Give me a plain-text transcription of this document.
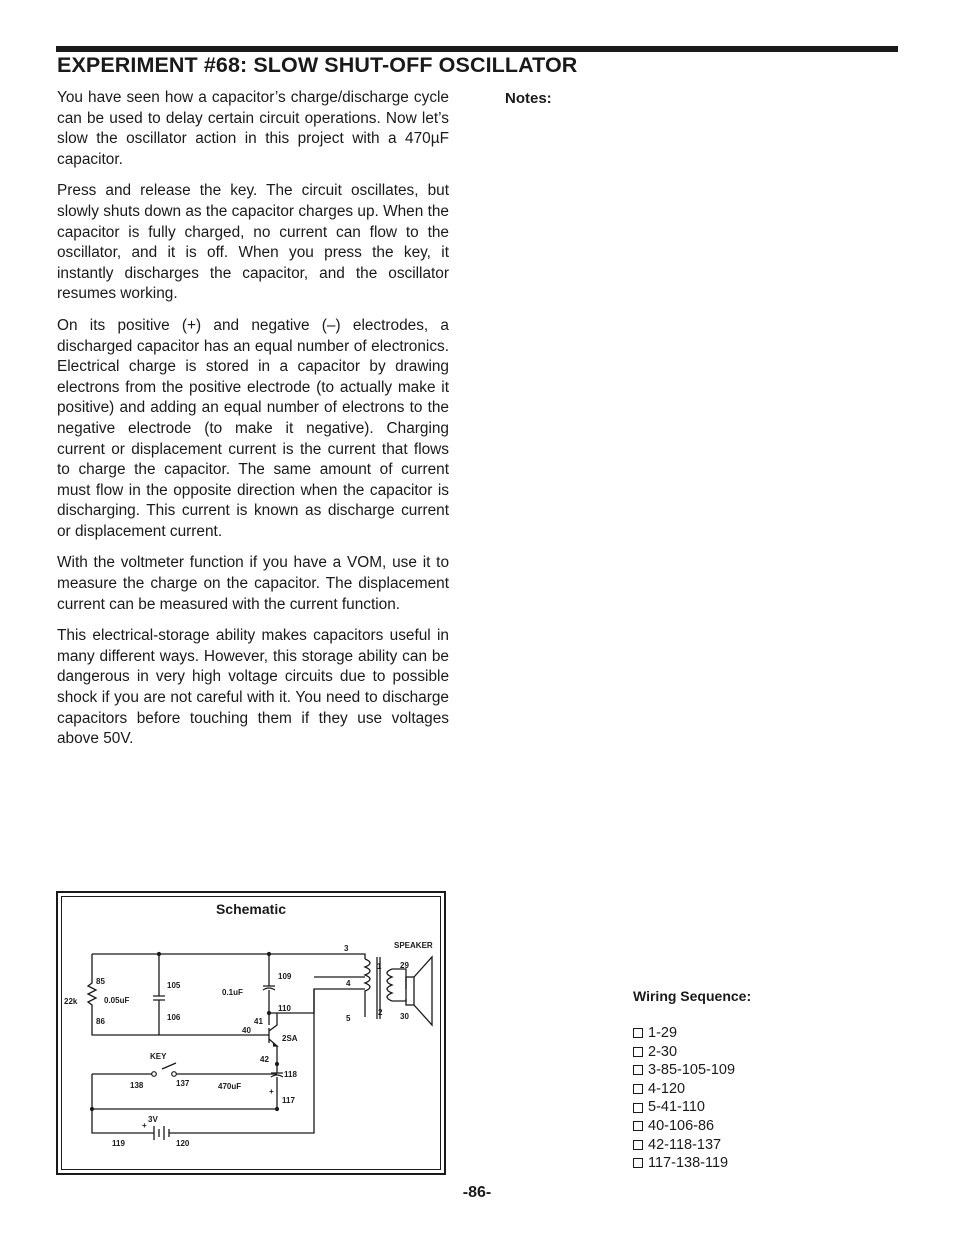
EXPERIMENT #68: SLOW SHUT-OFF OSCILLATOR

You have seen how a capacitor’s charge/discharge cycle can be used to delay certain circuit operations. Now let’s slow the oscillator action in this project with a 470µF capacitor.

Press and release the key. The circuit oscillates, but slowly shuts down as the capacitor charges up. When the capacitor is fully charged, no current can flow to the oscillator, and it is off. When you press the key, it instantly discharges the capacitor, and the oscillator resumes working.

On its positive (+) and negative (–) electrodes, a discharged capacitor has an equal number of electronics. Electrical charge is stored in a capacitor by drawing electrons from the positive electrode (to actually make it positive) and adding an equal number of electrons to the negative electrode (to make it negative). Charging current or displacement current is the current that flows to charge the capacitor. The same amount of current must flow in the opposite direction when the capacitor is discharging. This current is known as discharge current or displacement current.

With the voltmeter function if you have a VOM, use it to measure the charge on the capacitor. The displacement current can be measured with the current function.

This electrical-storage ability makes capacitors useful in many different ways. However, this storage ability can be dangerous in very high voltage circuits due to possible shock if you are not careful with it. You need to discharge capacitors before touching them if they use voltages above 50V.

Notes:
Schematic
85
22k
86
0.05uF
105
106
0.1uF
109
110
41
40
2SA
42
118
470uF
+
117
3
4
5
1
2
SPEAKER
29
30
KEY
138	137
3V
+
119	120
Wiring Sequence:
1-29
2-30
3-85-105-109
4-120
5-41-110
40-106-86
42-118-137
117-138-119
-86-
